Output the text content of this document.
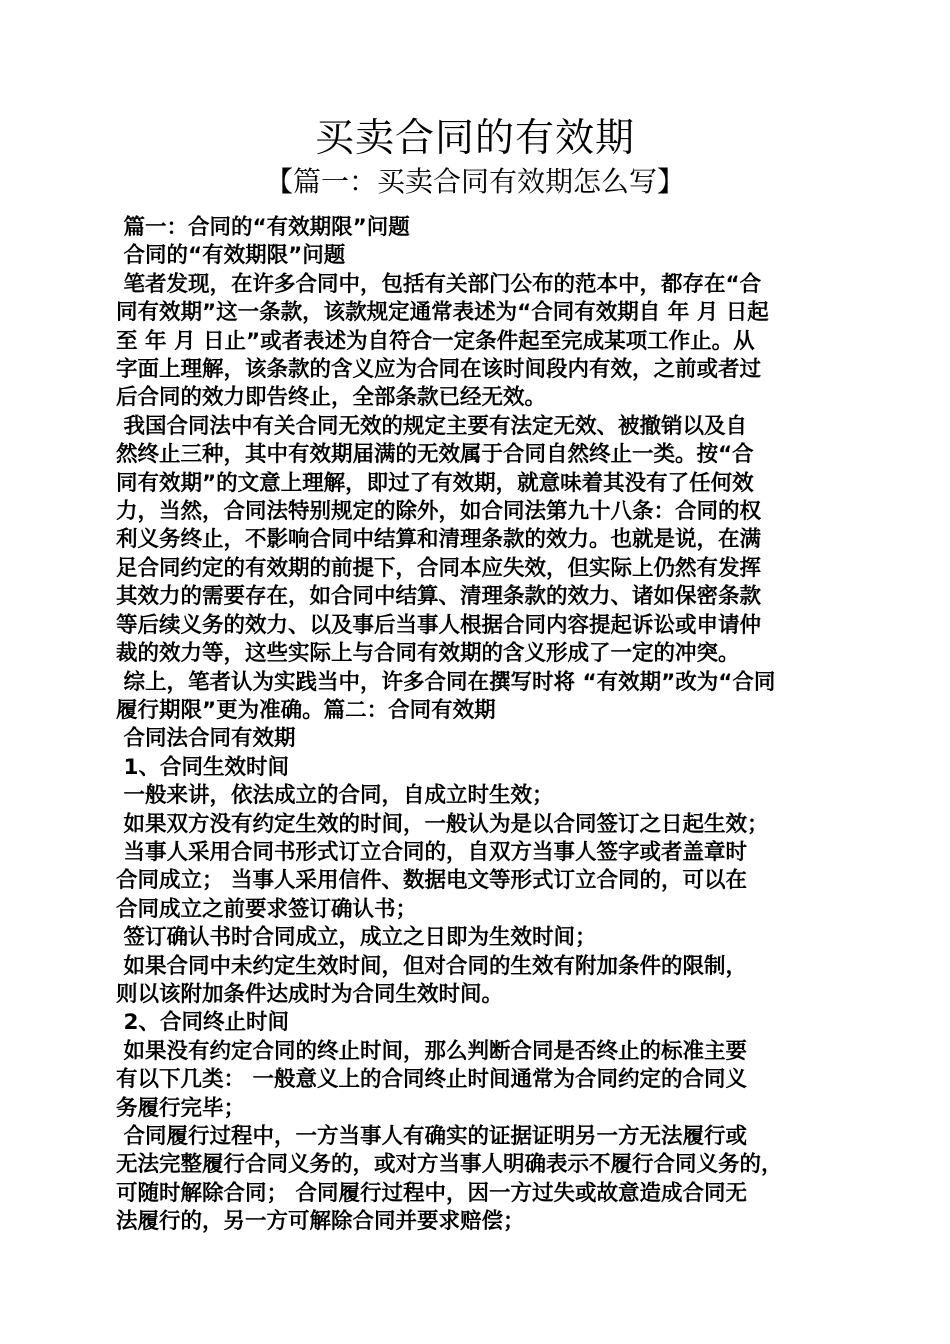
买卖合同的有效期
【篇一：买卖合同有效期怎么写】
篇一：合同的“有效期限”问题
合同的“有效期限”问题
笔者发现，在许多合同中，包括有关部门公布的范本中，都存在“合
同有效期”这一条款，该款规定通常表述为“合同有效期自 年 月 日起
至 年 月 日止”或者表述为自符合一定条件起至完成某项工作止。从
字面上理解，该条款的含义应为合同在该时间段内有效，之前或者过
后合同的效力即告终止，全部条款已经无效。
我国合同法中有关合同无效的规定主要有法定无效、被撤销以及自
然终止三种，其中有效期届满的无效属于合同自然终止一类。按“合
同有效期”的文意上理解，即过了有效期，就意味着其没有了任何效
力，当然，合同法特别规定的除外，如合同法第九十八条：合同的权
利义务终止，不影响合同中结算和清理条款的效力。也就是说，在满
足合同约定的有效期的前提下，合同本应失效，但实际上仍然有发挥
其效力的需要存在，如合同中结算、清理条款的效力、诸如保密条款
等后续义务的效力、以及事后当事人根据合同内容提起诉讼或申请仲
裁的效力等，这些实际上与合同有效期的含义形成了一定的冲突。
综上，笔者认为实践当中，许多合同在撰写时将 “有效期”改为“合同
履行期限”更为准确。篇二：合同有效期
合同法合同有效期
1、合同生效时间
一般来讲，依法成立的合同，自成立时生效；
如果双方没有约定生效的时间，一般认为是以合同签订之日起生效；
当事人采用合同书形式订立合同的，自双方当事人签字或者盖章时
合同成立； 当事人采用信件、数据电文等形式订立合同的，可以在
合同成立之前要求签订确认书；
签订确认书时合同成立，成立之日即为生效时间；
如果合同中未约定生效时间，但对合同的生效有附加条件的限制，
则以该附加条件达成时为合同生效时间。
2、合同终止时间
如果没有约定合同的终止时间，那么判断合同是否终止的标准主要
有以下几类： 一般意义上的合同终止时间通常为合同约定的合同义
务履行完毕；
合同履行过程中，一方当事人有确实的证据证明另一方无法履行或
无法完整履行合同义务的，或对方当事人明确表示不履行合同义务的，
可随时解除合同； 合同履行过程中，因一方过失或故意造成合同无
法履行的，另一方可解除合同并要求赔偿；
